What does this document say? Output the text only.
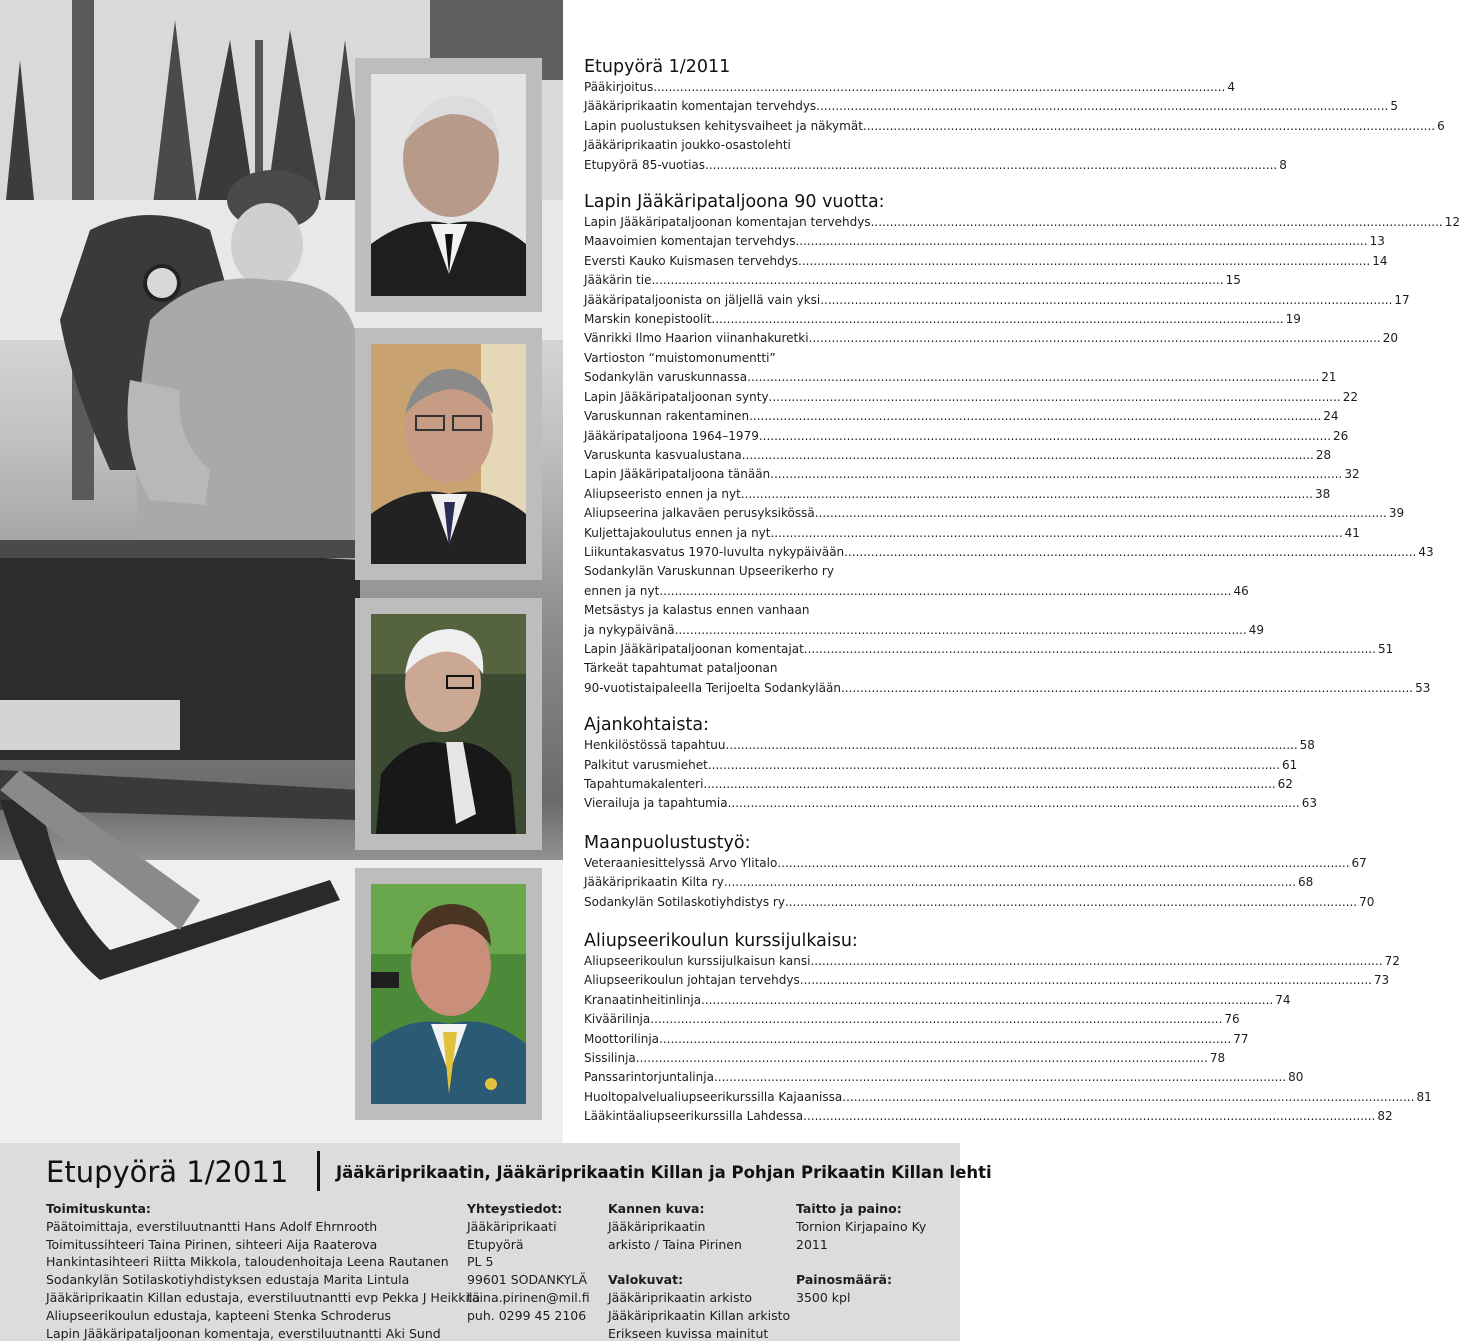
Etupyörä 1/2011
Pääkirjoitus .....	4
Jääkäriprikaatin komentajan tervehdys .....	5
Lapin puolustuksen kehitysvaiheet ja näkymät .....	6
Jääkäriprikaatin joukko-osastolehti
Etupyörä 85-vuotias .....	8
Lapin Jääkäripataljoona 90 vuotta:
Lapin Jääkäripataljoonan komentajan tervehdys .....	12
Maavoimien komentajan tervehdys .....	13
Eversti Kauko Kuismasen tervehdys .....	14
Jääkärin tie .....	15
Jääkäripataljoonista on jäljellä vain yksi .....	17
Marskin konepistoolit .....	19
Vänrikki Ilmo Haarion viinanhakuretki .....	20
Vartioston “muistomonumentti”
Sodankylän varuskunnassa .....	21
Lapin Jääkäripataljoonan synty .....	22
Varuskunnan rakentaminen .....	24
Jääkäripataljoona 1964–1979 .....	26
Varuskunta kasvualustana .....	28
Lapin Jääkäripataljoona tänään .....	32
Aliupseeristo ennen ja nyt .....	38
Aliupseerina jalkaväen perusyksikössä .....	39
Kuljettajakoulutus ennen ja nyt .....	41
Liikuntakasvatus 1970-luvulta nykypäivään .....	43
Sodankylän Varuskunnan Upseerikerho ry
ennen ja nyt .....	46
Metsästys ja kalastus ennen vanhaan
ja nykypäivänä .....	49
Lapin Jääkäripataljoonan komentajat .....	51
Tärkeät tapahtumat pataljoonan
90-vuotistaipaleella Terijoelta Sodankylään .....	53
Ajankohtaista:
Henkilöstössä tapahtuu .....	58
Palkitut varusmiehet .....	61
Tapahtumakalenteri .....	62
Vierailuja ja tapahtumia .....	63
Maanpuolustustyö:
Veteraaniesittelyssä Arvo Ylitalo .....	67
Jääkäriprikaatin Kilta ry .....	68
Sodankylän Sotilaskotiyhdistys ry .....	70
Aliupseerikoulun kurssijulkaisu:
Aliupseerikoulun kurssijulkaisun kansi .....	72
Aliupseerikoulun johtajan tervehdys .....	73
Kranaatinheitinlinja .....	74
Kiväärilinja .....	76
Moottorilinja .....	77
Sissilinja .....	78
Panssarintorjuntalinja .....	80
Huoltopalvelualiupseerikurssilla Kajaanissa .....	81
Lääkintäaliupseerikurssilla Lahdessa .....	82
Etupyörä 1/2011	Jääkäriprikaatin, Jääkäriprikaatin Killan ja Pohjan Prikaatin Killan lehti
Toimituskunta:
Päätoimittaja, everstiluutnantti Hans Adolf Ehrnrooth
Toimitussihteeri Taina Pirinen, sihteeri Aija Raaterova
Hankintasihteeri Riitta Mikkola, taloudenhoitaja Leena Rautanen
Sodankylän Sotilaskotiyhdistyksen edustaja Marita Lintula
Jääkäriprikaatin Killan edustaja, everstiluutnantti evp Pekka J Heikkilä
Aliupseerikoulun edustaja, kapteeni Stenka Schroderus
Lapin Jääkäripataljoonan komentaja, everstiluutnantti Aki Sund
Yhteystiedot:
Jääkäriprikaati
Etupyörä
PL 5
99601 SODANKYLÄ
taina.pirinen@mil.fi
puh. 0299 45 2106
Kannen kuva:
Jääkäriprikaatin
arkisto / Taina Pirinen
Valokuvat:
Jääkäriprikaatin arkisto
Jääkäriprikaatin Killan arkisto
Erikseen kuvissa mainitut
Taitto ja paino:
Tornion Kirjapaino Ky
2011
Painosmäärä:
3500 kpl
